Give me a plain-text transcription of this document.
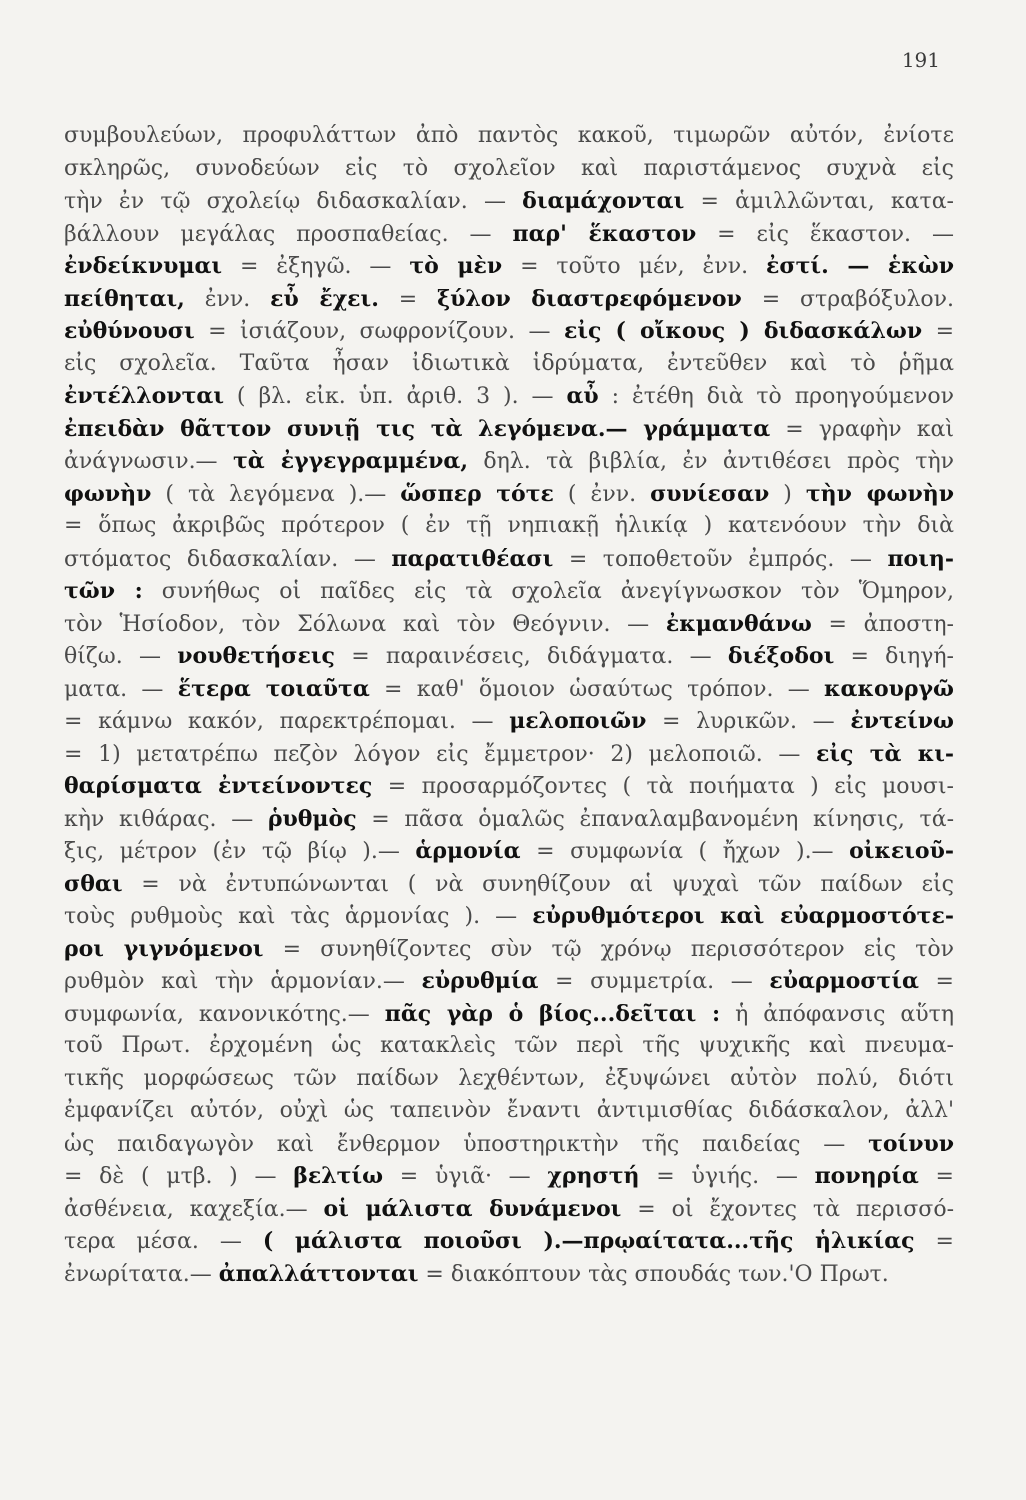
191
συμβουλεύων, προφυλάττων ἀπὸ παντὸς κακοῦ, τιμωρῶν αὐτόν, ἐνίοτε
σκληρῶς, συνοδεύων εἰς τὸ σχολεῖον καὶ παριστάμενος συχνὰ εἰς
τὴν ἐν τῷ σχολείῳ διδασκαλίαν. — διαμάχονται = ἁμιλλῶνται, κατα-
βάλλουν μεγάλας προσπαθείας. — παρ' ἕκαστον = εἰς ἕκαστον. —
ἐνδείκνυμαι = ἐξηγῶ. — τὸ μὲν = τοῦτο μέν, ἐνν. ἐστί. — ἑκὼν
πείθηται, ἐνν. εὖ ἔχει. = ξύλον διαστρεφόμενον = στραβόξυλον.
εὐθύνουσι = ἰσιάζουν, σωφρονίζουν. — εἰς ( οἴκους ) διδασκάλων =
εἰς σχολεῖα. Ταῦτα ἦσαν ἰδιωτικὰ ἱδρύματα, ἐντεῦθεν καὶ τὸ ῥῆμα
ἐντέλλονται ( βλ. εἰκ. ὑπ. ἀριθ. 3 ). — αὖ : ἐτέθη διὰ τὸ προηγούμενον
ἐπειδὰν θᾶττον συνιῇ τις τὰ λεγόμενα.— γράμματα = γραφὴν καὶ
ἀνάγνωσιν.— τὰ ἐγγεγραμμένα, δηλ. τὰ βιβλία, ἐν ἀντιθέσει πρὸς τὴν
φωνὴν ( τὰ λεγόμενα ).— ὥσπερ τότε ( ἐνν. συνίεσαν ) τὴν φωνὴν
= ὅπως ἀκριβῶς πρότερον ( ἐν τῇ νηπιακῇ ἡλικίᾳ ) κατενόουν τὴν διὰ
στόματος διδασκαλίαν. — παρατιθέασι = τοποθετοῦν ἐμπρός. — ποιη-
τῶν : συνήθως οἱ παῖδες εἰς τὰ σχολεῖα ἀνεγίγνωσκον τὸν Ὅμηρον,
τὸν Ἡσίοδον, τὸν Σόλωνα καὶ τὸν Θεόγνιν. — ἐκμανθάνω = ἀποστη-
θίζω. — νουθετήσεις = παραινέσεις, διδάγματα. — διέξοδοι = διηγή-
ματα. — ἕτερα τοιαῦτα = καθ' ὅμοιον ὡσαύτως τρόπον. — κακουργῶ
= κάμνω κακόν, παρεκτρέπομαι. — μελοποιῶν = λυρικῶν. — ἐντείνω
= 1) μετατρέπω πεζὸν λόγον εἰς ἔμμετρον· 2) μελοποιῶ. — εἰς τὰ κι-
θαρίσματα ἐντείνοντες = προσαρμόζοντες ( τὰ ποιήματα ) εἰς μουσι-
κὴν κιθάρας. — ῥυθμὸς = πᾶσα ὁμαλῶς ἐπαναλαμβανομένη κίνησις, τά-
ξις, μέτρον (ἐν τῷ βίῳ ).— ἁρμονία = συμφωνία ( ἤχων ).— οἰκειοῦ-
σθαι = νὰ ἐντυπώνωνται ( νὰ συνηθίζουν αἱ ψυχαὶ τῶν παίδων εἰς
τοὺς ρυθμοὺς καὶ τὰς ἁρμονίας ). — εὐρυθμότεροι καὶ εὐαρμοστότε-
ροι γιγνόμενοι = συνηθίζοντες σὺν τῷ χρόνῳ περισσότερον εἰς τὸν
ρυθμὸν καὶ τὴν ἁρμονίαν.— εὐρυθμία = συμμετρία. — εὐαρμοστία =
συμφωνία, κανονικότης.— πᾶς γὰρ ὁ βίος...δεῖται : ἡ ἀπόφανσις αὕτη
τοῦ Πρωτ. ἐρχομένη ὡς κατακλεὶς τῶν περὶ τῆς ψυχικῆς καὶ πνευμα-
τικῆς μορφώσεως τῶν παίδων λεχθέντων, ἐξυψώνει αὐτὸν πολύ, διότι
ἐμφανίζει αὐτόν, οὐχὶ ὡς ταπεινὸν ἔναντι ἀντιμισθίας διδάσκαλον, ἀλλ'
ὡς παιδαγωγὸν καὶ ἔνθερμον ὑποστηρικτὴν τῆς παιδείας — τοίνυν
= δὲ ( μτβ. ) — βελτίω = ὑγιᾶ· — χρηστή = ὑγιής. — πονηρία =
ἀσθένεια, καχεξία.— οἱ μάλιστα δυνάμενοι = οἱ ἔχοντες τὰ περισσό-
τερα μέσα. — ( μάλιστα ποιοῦσι ).—πρῳαίτατα...τῆς ἡλικίας =
ἐνωρίτατα.— ἀπαλλάττονται = διακόπτουν τὰς σπουδάς των.'Ο Πρωτ.
